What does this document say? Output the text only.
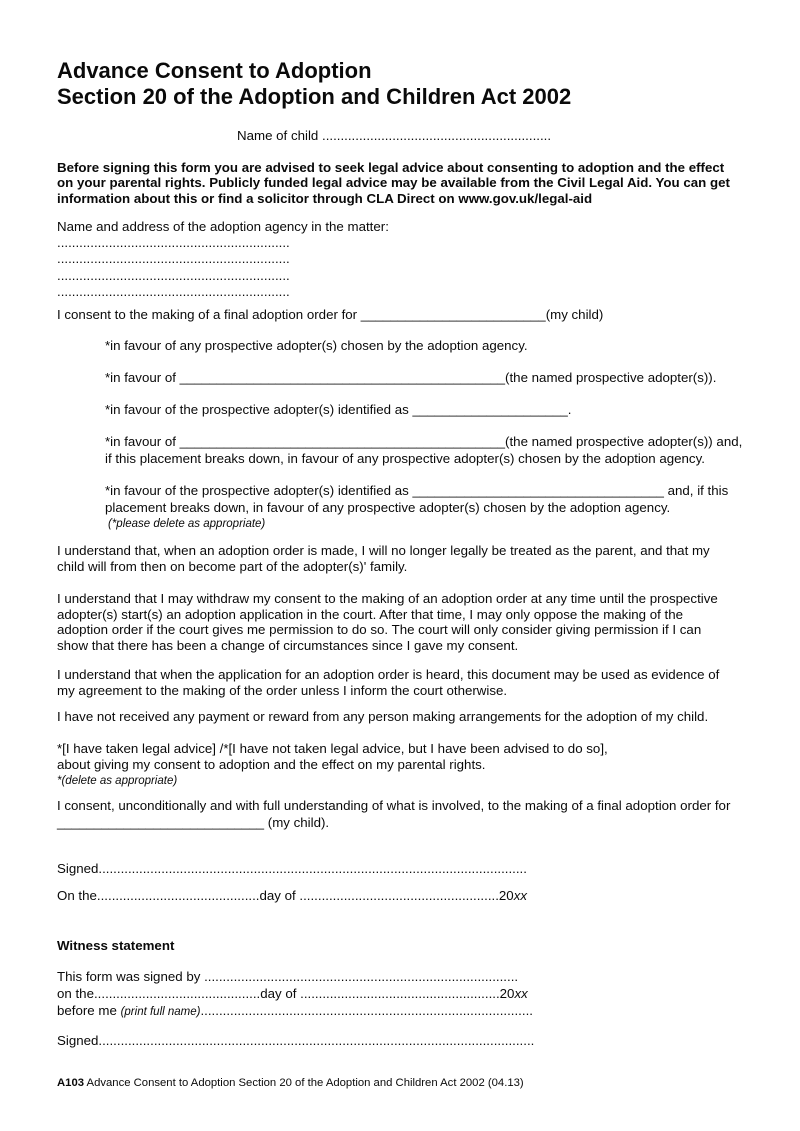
Advance Consent to Adoption
Section 20 of the Adoption and Children Act 2002
Name of child ..............................................................
Before signing this form you are advised to seek legal advice about consenting to adoption and the effect
on your parental rights. Publicly funded legal advice may be available from the Civil Legal Aid. You can get
information about this or find a solicitor through CLA Direct on www.gov.uk/legal-aid
Name and address of the adoption agency in the matter:
...............................................................
...............................................................
...............................................................
...............................................................
I consent to the making of a final adoption order for _________________________(my child)
*in favour of any prospective adopter(s) chosen by the adoption agency.
*in favour of ____________________________________________(the named prospective adopter(s)).
*in favour of the prospective adopter(s) identified as _____________________.
*in favour of ____________________________________________(the named prospective adopter(s)) and,
if this placement breaks down, in favour of any prospective adopter(s) chosen by the adoption agency.
*in favour of the prospective adopter(s) identified as __________________________________ and, if this
placement breaks down, in favour of any prospective adopter(s) chosen by the adoption agency.
(*please delete as appropriate)
I understand that, when an adoption order is made, I will no longer legally be treated as the parent, and that my
child will from then on become part of the adopter(s)' family.
I understand that I may withdraw my consent to the making of an adoption order at any time until the prospective
adopter(s) start(s) an adoption application in the court. After that time, I may only oppose the making of the
adoption order if the court gives me permission to do so. The court will only consider giving permission if I can
show that there has been a change of circumstances since I gave my consent.
I understand that when the application for an adoption order is heard, this document may be used as evidence of
my agreement to the making of the order unless I inform the court otherwise.
I have not received any payment or reward from any person making arrangements for the adoption of my child.
*[I have taken legal advice] /*[I have not taken legal advice, but I have been advised to do so],
about giving my consent to adoption and the effect on my parental rights.
*(delete as appropriate)
I consent, unconditionally and with full understanding of what is involved, to the making of a final adoption order for
____________________________ (my child).
Signed....................................................................................................................
On the............................................day of ......................................................20xx
Witness statement
This form was signed by .....................................................................................
on the.............................................day of ......................................................20xx
before me (print full name)..........................................................................................
Signed......................................................................................................................
A103 Advance Consent to Adoption Section 20 of the Adoption and Children Act 2002 (04.13)
